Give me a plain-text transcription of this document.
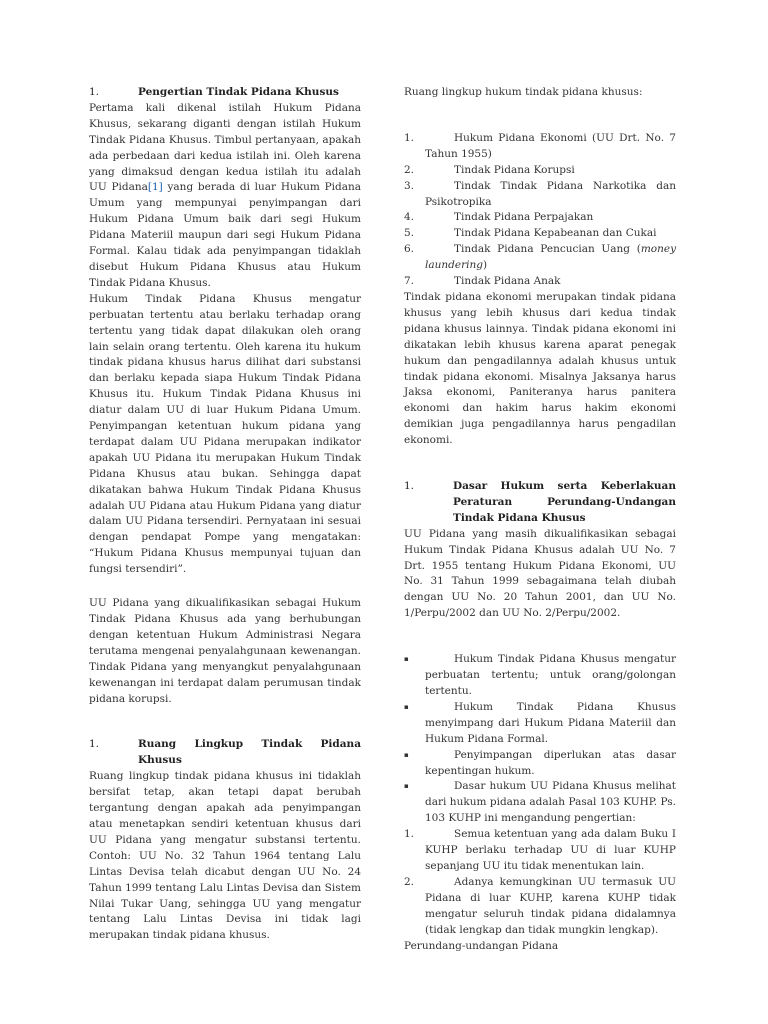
1.	Pengertian Tindak Pidana Khusus

Pertama kali dikenal istilah Hukum Pidana Khusus, sekarang diganti dengan istilah Hukum Tindak Pidana Khusus. Timbul pertanyaan, apakah ada perbedaan dari kedua istilah ini. Oleh karena yang dimaksud dengan kedua istilah itu adalah UU Pidana[1] yang berada di luar Hukum Pidana Umum yang mempunyai penyimpangan dari Hukum Pidana Umum baik dari segi Hukum Pidana Materiil maupun dari segi Hukum Pidana Formal. Kalau tidak ada penyimpangan tidaklah disebut Hukum Pidana Khusus atau Hukum Tindak Pidana Khusus.

Hukum Tindak Pidana Khusus mengatur perbuatan tertentu atau berlaku terhadap orang tertentu yang tidak dapat dilakukan oleh orang lain selain orang tertentu. Oleh karena itu hukum tindak pidana khusus harus dilihat dari substansi dan berlaku kepada siapa Hukum Tindak Pidana Khusus itu. Hukum Tindak Pidana Khusus ini diatur dalam UU di luar Hukum Pidana Umum. Penyimpangan ketentuan hukum pidana yang terdapat dalam UU Pidana merupakan indikator apakah UU Pidana itu merupakan Hukum Tindak Pidana Khusus atau bukan. Sehingga dapat dikatakan bahwa Hukum Tindak Pidana Khusus adalah UU Pidana atau Hukum Pidana yang diatur dalam UU Pidana tersendiri. Pernyataan ini sesuai dengan pendapat Pompe yang mengatakan: “Hukum Pidana Khusus mempunyai tujuan dan fungsi tersendiri”.

UU Pidana yang dikualifikasikan sebagai Hukum Tindak Pidana Khusus ada yang berhubungan dengan ketentuan Hukum Administrasi Negara terutama mengenai penyalahgunaan kewenangan. Tindak Pidana yang menyangkut penyalahgunaan kewenangan ini terdapat dalam perumusan tindak pidana korupsi.

1.	Ruang Lingkup Tindak Pidana Khusus

Ruang lingkup tindak pidana khusus ini tidaklah bersifat tetap, akan tetapi dapat berubah tergantung dengan apakah ada penyimpangan atau menetapkan sendiri ketentuan khusus dari UU Pidana yang mengatur substansi tertentu. Contoh: UU No. 32 Tahun 1964 tentang Lalu Lintas Devisa telah dicabut dengan UU No. 24 Tahun 1999 tentang Lalu Lintas Devisa dan Sistem Nilai Tukar Uang, sehingga UU yang mengatur tentang Lalu Lintas Devisa ini tidak lagi merupakan tindak pidana khusus.

Ruang lingkup hukum tindak pidana khusus:

1.	Hukum Pidana Ekonomi (UU Drt. No. 7 Tahun 1955)
2.	Tindak Pidana Korupsi
3.	Tindak Tindak Pidana Narkotika dan Psikotropika
4.	Tindak Pidana Perpajakan
5.	Tindak Pidana Kepabeanan dan Cukai
6.	Tindak Pidana Pencucian Uang (money laundering)
7.	Tindak Pidana Anak

Tindak pidana ekonomi merupakan tindak pidana khusus yang lebih khusus dari kedua tindak pidana khusus lainnya. Tindak pidana ekonomi ini dikatakan lebih khusus karena aparat penegak hukum dan pengadilannya adalah khusus untuk tindak pidana ekonomi. Misalnya Jaksanya harus Jaksa ekonomi, Paniteranya harus panitera ekonomi dan hakim harus hakim ekonomi demikian juga pengadilannya harus pengadilan ekonomi.

1.	Dasar Hukum serta Keberlakuan Peraturan Perundang-Undangan Tindak Pidana Khusus

UU Pidana yang masih dikualifikasikan sebagai Hukum Tindak Pidana Khusus adalah UU No. 7 Drt. 1955 tentang Hukum Pidana Ekonomi, UU No. 31 Tahun 1999 sebagaimana telah diubah dengan UU No. 20 Tahun 2001, dan UU No. 1/Perpu/2002 dan UU No. 2/Perpu/2002.

▪	Hukum Tindak Pidana Khusus mengatur perbuatan tertentu; untuk orang/golongan tertentu.
▪	Hukum Tindak Pidana Khusus menyimpang dari Hukum Pidana Materiil dan Hukum Pidana Formal.
▪	Penyimpangan diperlukan atas dasar kepentingan hukum.
▪	Dasar hukum UU Pidana Khusus melihat dari hukum pidana adalah Pasal 103 KUHP. Ps. 103 KUHP ini mengandung pengertian:
1.	Semua ketentuan yang ada dalam Buku I KUHP berlaku terhadap UU di luar KUHP sepanjang UU itu tidak menentukan lain.
2.	Adanya kemungkinan UU termasuk UU Pidana di luar KUHP, karena KUHP tidak mengatur seluruh tindak pidana didalamnya (tidak lengkap dan tidak mungkin lengkap).

Perundang-undangan Pidana
